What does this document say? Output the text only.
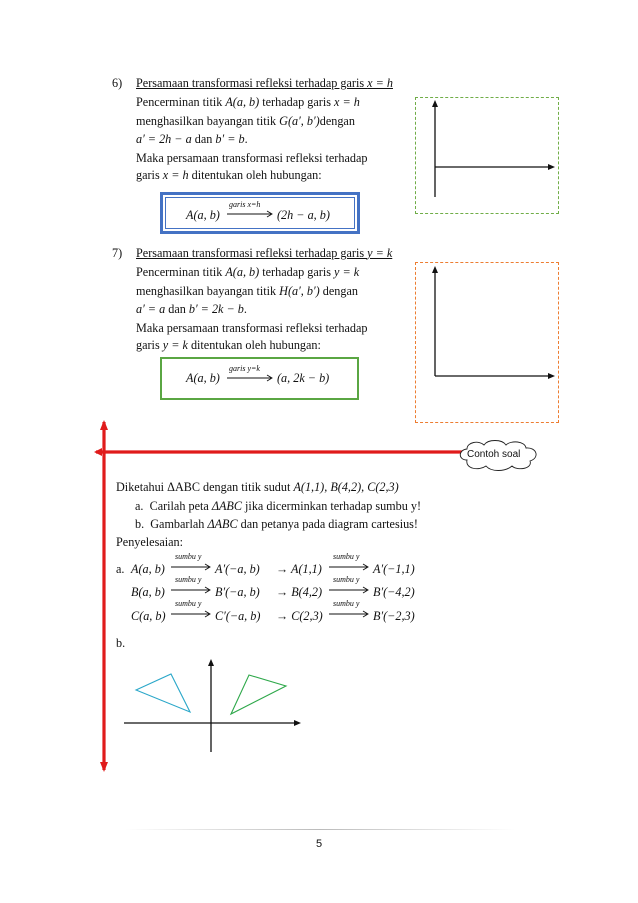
6) Persamaan transformasi refleksi terhadap garis x = h
Pencerminan titik A(a, b) terhadap garis x = h
menghasilkan bayangan titik G(a′, b′)dengan
a′ = 2h − a dan b′ = b.
Maka persamaan transformasi refleksi terhadap
garis x = h ditentukan oleh hubungan:
A(a, b)
garis x=h
(2h − a, b)
7) Persamaan transformasi refleksi terhadap garis y = k
Pencerminan titik A(a, b) terhadap garis y = k
menghasilkan bayangan titik H(a′, b′) dengan
a′ = a dan b′ = 2k − b.
Maka persamaan transformasi refleksi terhadap
garis y = k ditentukan oleh hubungan:
A(a, b)
garis y=k
(a, 2k − b)
Contoh soal
Diketahui ΔABC dengan titik sudut A(1,1), B(4,2), C(2,3)
a. Carilah peta ΔABC jika dicerminkan terhadap sumbu y!
b. Gambarlah ΔABC dan petanya pada diagram cartesius!
Penyelesaian:
a. A(a, b)
sumbu y
A′(−a, b) → A(1,1)
sumbu y
A′(−1,1)
B(a, b)
sumbu y
B′(−a, b) → B(4,2)
sumbu y
B′(−4,2)
C(a, b)
sumbu y
C′(−a, b) → C(2,3)
sumbu y
B′(−2,3)
b.
5
